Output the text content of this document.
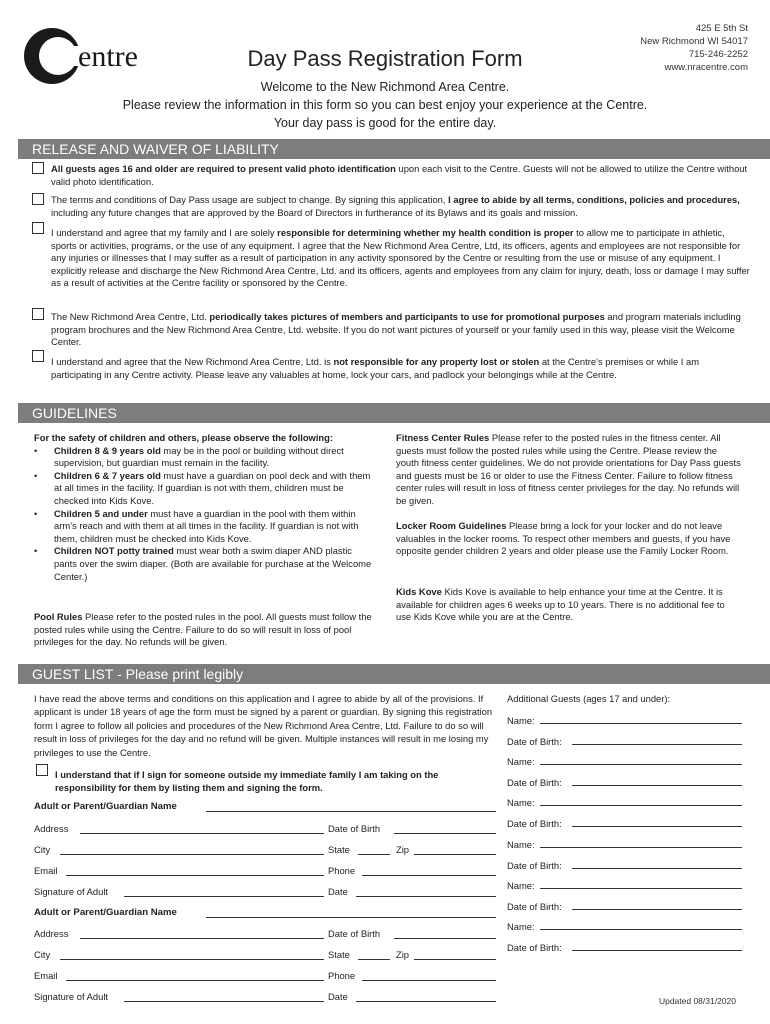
entre	Day Pass Registration Form
425 E 5th St
New Richmond WI 54017
715-246-2252
www.nracentre.com
Welcome to the New Richmond Area Centre.
Please review the information in this form so you can best enjoy your experience at the Centre.
Your day pass is good for the entire day.
RELEASE AND WAIVER OF LIABILITY
All guests ages 16 and older are required to present valid photo identification upon each visit to the Centre. Guests will not be allowed to utilize the Centre without valid photo identification.
The terms and conditions of Day Pass usage are subject to change. By signing this application, I agree to abide by all terms, conditions, policies and procedures, including any future changes that are approved by the Board of Directors in furtherance of its Bylaws and its goals and mission.
I understand and agree that my family and I are solely responsible for determining whether my health condition is proper to allow me to participate in athletic, sports or activities, programs, or the use of any equipment. I agree that the New Richmond Area Centre, Ltd, its officers, agents and employees are not responsible for any injuries or illnesses that I may suffer as a result of participation in any activity sponsored by the Centre or resulting from the use or misuse of any equipment. I explicitly release and discharge the New Richmond Area Centre, Ltd. and its officers, agents and employees from any claim for injury, death, loss or damage I may suffer as a result of activities at the Centre facility or sponsored by the Centre.
The New Richmond Area Centre, Ltd. periodically takes pictures of members and participants to use for promotional purposes and program materials including program brochures and the New Richmond Area Centre, Ltd. website. If you do not want pictures of yourself or your family used in this way, please visit the Welcome Center.
I understand and agree that the New Richmond Area Centre, Ltd. is not responsible for any property lost or stolen at the Centre’s premises or while I am participating in any Centre activity. Please leave any valuables at home, lock your cars, and padlock your belongings while at the Centre.
GUIDELINES
For the safety of children and others, please observe the following:
•	Children 8 & 9 years old may be in the pool or building without direct supervision, but guardian must remain in the facility.
•	Children 6 & 7 years old must have a guardian on pool deck and with them at all times in the facility. If guardian is not with them, children must be checked into Kids Kove.
•	Children 5 and under must have a guardian in the pool with them within arm’s reach and with them at all times in the facility. If guardian is not with them, children must be checked into Kids Kove.
•	Children NOT potty trained must wear both a swim diaper AND plastic pants over the swim diaper. (Both are available for purchase at the Welcome Center.)
Pool Rules Please refer to the posted rules in the pool. All guests must follow the posted rules while using the Centre. Failure to do so will result in loss of pool privileges for the day. No refunds will be given.
Fitness Center Rules Please refer to the posted rules in the fitness center. All guests must follow the posted rules while using the Centre. Please review the youth fitness center guidelines. We do not provide orientations for Day Pass guests and guests must be 16 or older to use the Fitness Center. Failure to follow fitness center rules will result in loss of fitness center privileges for the day. No refunds will be given.
Locker Room Guidelines Please bring a lock for your locker and do not leave valuables in the locker rooms. To respect other members and guests, if you have opposite gender children 2 years and older please use the Family Locker Room.
Kids Kove Kids Kove is available to help enhance your time at the Centre. It is available for children ages 6 weeks up to 10 years. There is no additional fee to use Kids Kove while you are at the Centre.
GUEST LIST - Please print legibly
I have read the above terms and conditions on this application and I agree to abide by all of the provisions. If applicant is under 18 years of age the form must be signed by a parent or guardian. By signing this registration form I agree to follow all policies and procedures of the New Richmond Area Centre, Ltd. Failure to do so will result in loss of privileges for the day and no refund will be given. Multiple instances will result in me losing my privileges to use the Centre.
I understand that if I sign for someone outside my immediate family I am taking on the responsibility for them by listing them and signing the form.
Adult or Parent/Guardian Name
Address	Date of Birth
City	State	Zip
Email	Phone
Signature of Adult	Date
Adult or Parent/Guardian Name
Address	Date of Birth
City	State	Zip
Email	Phone
Signature of Adult	Date
Additional Guests (ages 17 and under):
Name:
Date of Birth:
Name:
Date of Birth:
Name:
Date of Birth:
Name:
Date of Birth:
Name:
Date of Birth:
Name:
Date of Birth:
Updated 08/31/2020
